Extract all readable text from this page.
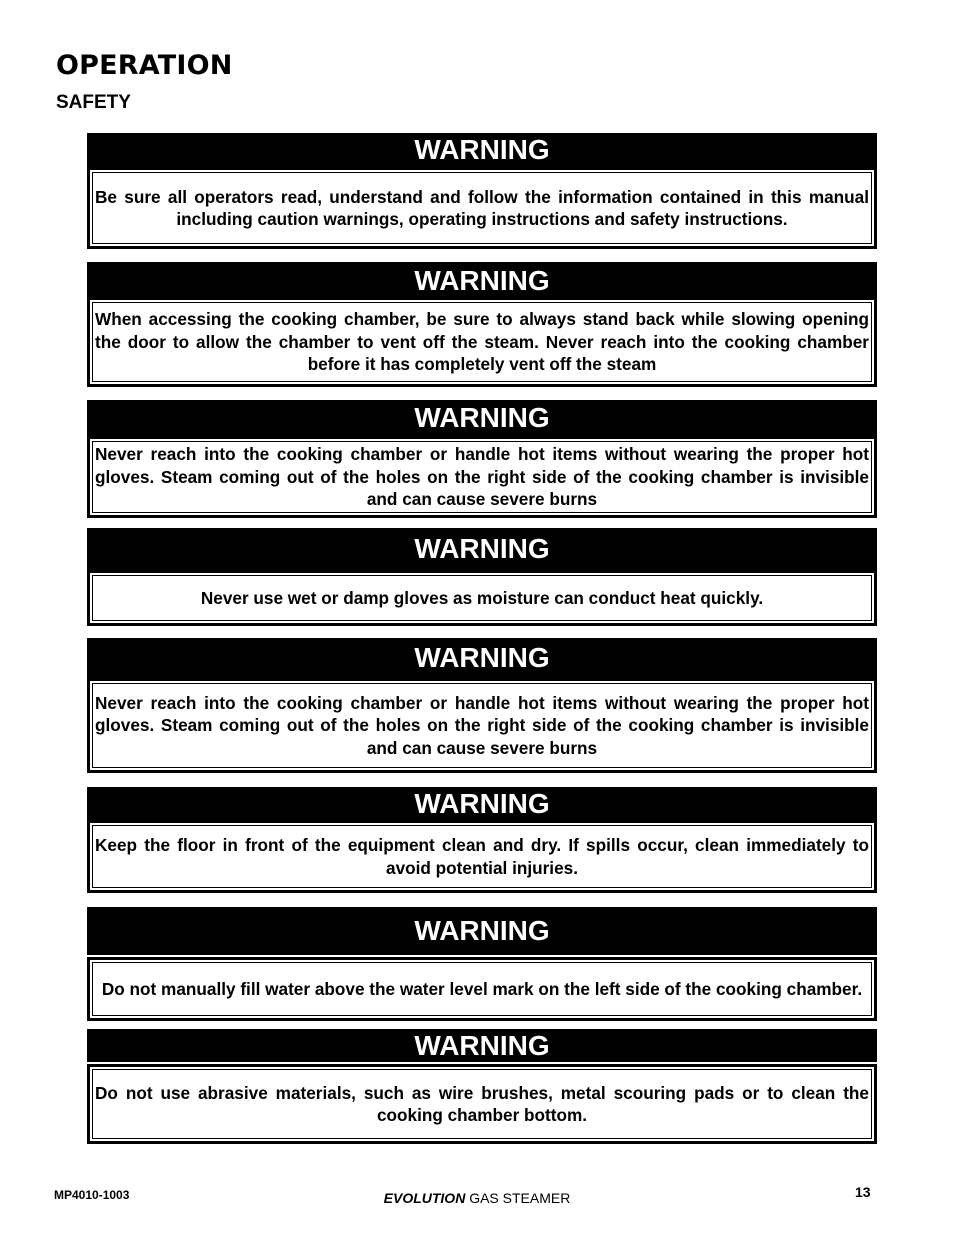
OPERATION
SAFETY
WARNING

Be sure all operators read, understand and follow the information contained in this manual including caution warnings, operating instructions and safety instructions.

WARNING

When accessing the cooking chamber, be sure to always stand back while slowing opening the door to allow the chamber to vent off the steam. Never reach into the cooking chamber before it has completely vent off the steam

WARNING

Never reach into the cooking chamber or handle hot items without wearing the proper hot gloves. Steam coming out of the holes on the right side of the cooking chamber is invisible and can cause severe burns

WARNING

Never use wet or damp gloves as moisture can conduct heat quickly.

WARNING

Never reach into the cooking chamber or handle hot items without wearing the proper hot gloves. Steam coming out of the holes on the right side of the cooking chamber is invisible and can cause severe burns

WARNING

Keep the floor in front of the equipment clean and dry. If spills occur, clean immediately to avoid potential injuries.

WARNING

Do not manually fill water above the water level mark on the left side of the cooking chamber.

WARNING

Do not use abrasive materials, such as wire brushes, metal scouring pads or to clean the cooking chamber bottom.

MP4010-1003	EVOLUTION GAS STEAMER	13
